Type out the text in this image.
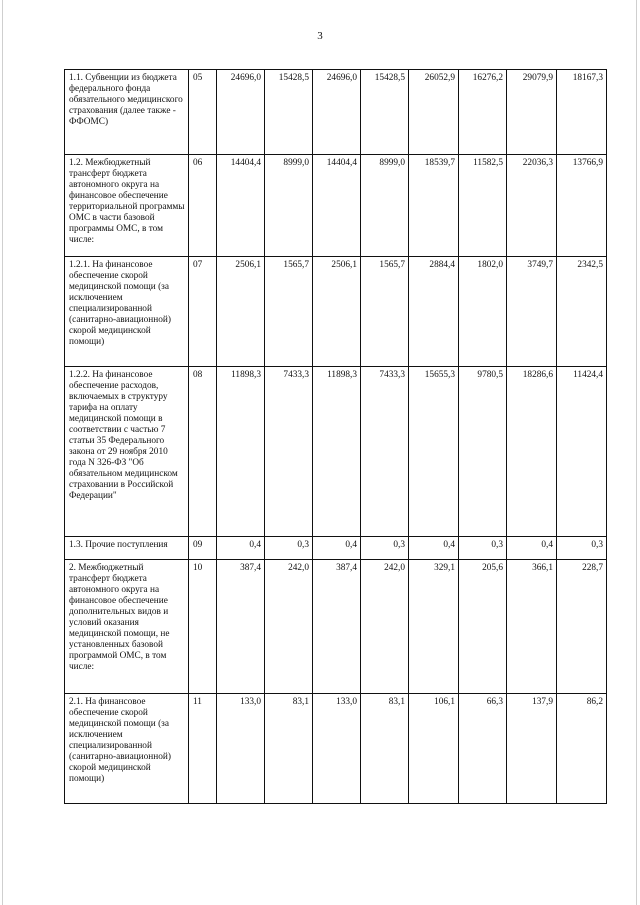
3
1.1. Субвенции из бюджета федерального фонда обязательного медицинского страхования (далее также - ФФОМС)	05	24696,0	15428,5	24696,0	15428,5	26052,9	16276,2	29079,9	18167,3
1.2. Межбюджетный трансферт бюджета автономного округа на финансовое обеспечение территориальной программы ОМС в части базовой программы ОМС, в том числе:	06	14404,4	8999,0	14404,4	8999,0	18539,7	11582,5	22036,3	13766,9
1.2.1. На финансовое обеспечение скорой медицинской помощи (за исключением специализированной (санитарно-авиационной) скорой медицинской помощи)	07	2506,1	1565,7	2506,1	1565,7	2884,4	1802,0	3749,7	2342,5
1.2.2. На финансовое обеспечение расходов, включаемых в структуру тарифа на оплату медицинской помощи в соответствии с частью 7 статьи 35 Федерального закона от 29 ноября 2010 года N 326-ФЗ "Об обязательном медицинском страховании в Российской Федерации"	08	11898,3	7433,3	11898,3	7433,3	15655,3	9780,5	18286,6	11424,4
1.3. Прочие поступления	09	0,4	0,3	0,4	0,3	0,4	0,3	0,4	0,3
2. Межбюджетный трансферт бюджета автономного округа на финансовое обеспечение дополнительных видов и условий оказания медицинской помощи, не установленных базовой программой ОМС, в том числе:	10	387,4	242,0	387,4	242,0	329,1	205,6	366,1	228,7
2.1. На финансовое обеспечение скорой медицинской помощи (за исключением специализированной (санитарно-авиационной) скорой медицинской помощи)	11	133,0	83,1	133,0	83,1	106,1	66,3	137,9	86,2
